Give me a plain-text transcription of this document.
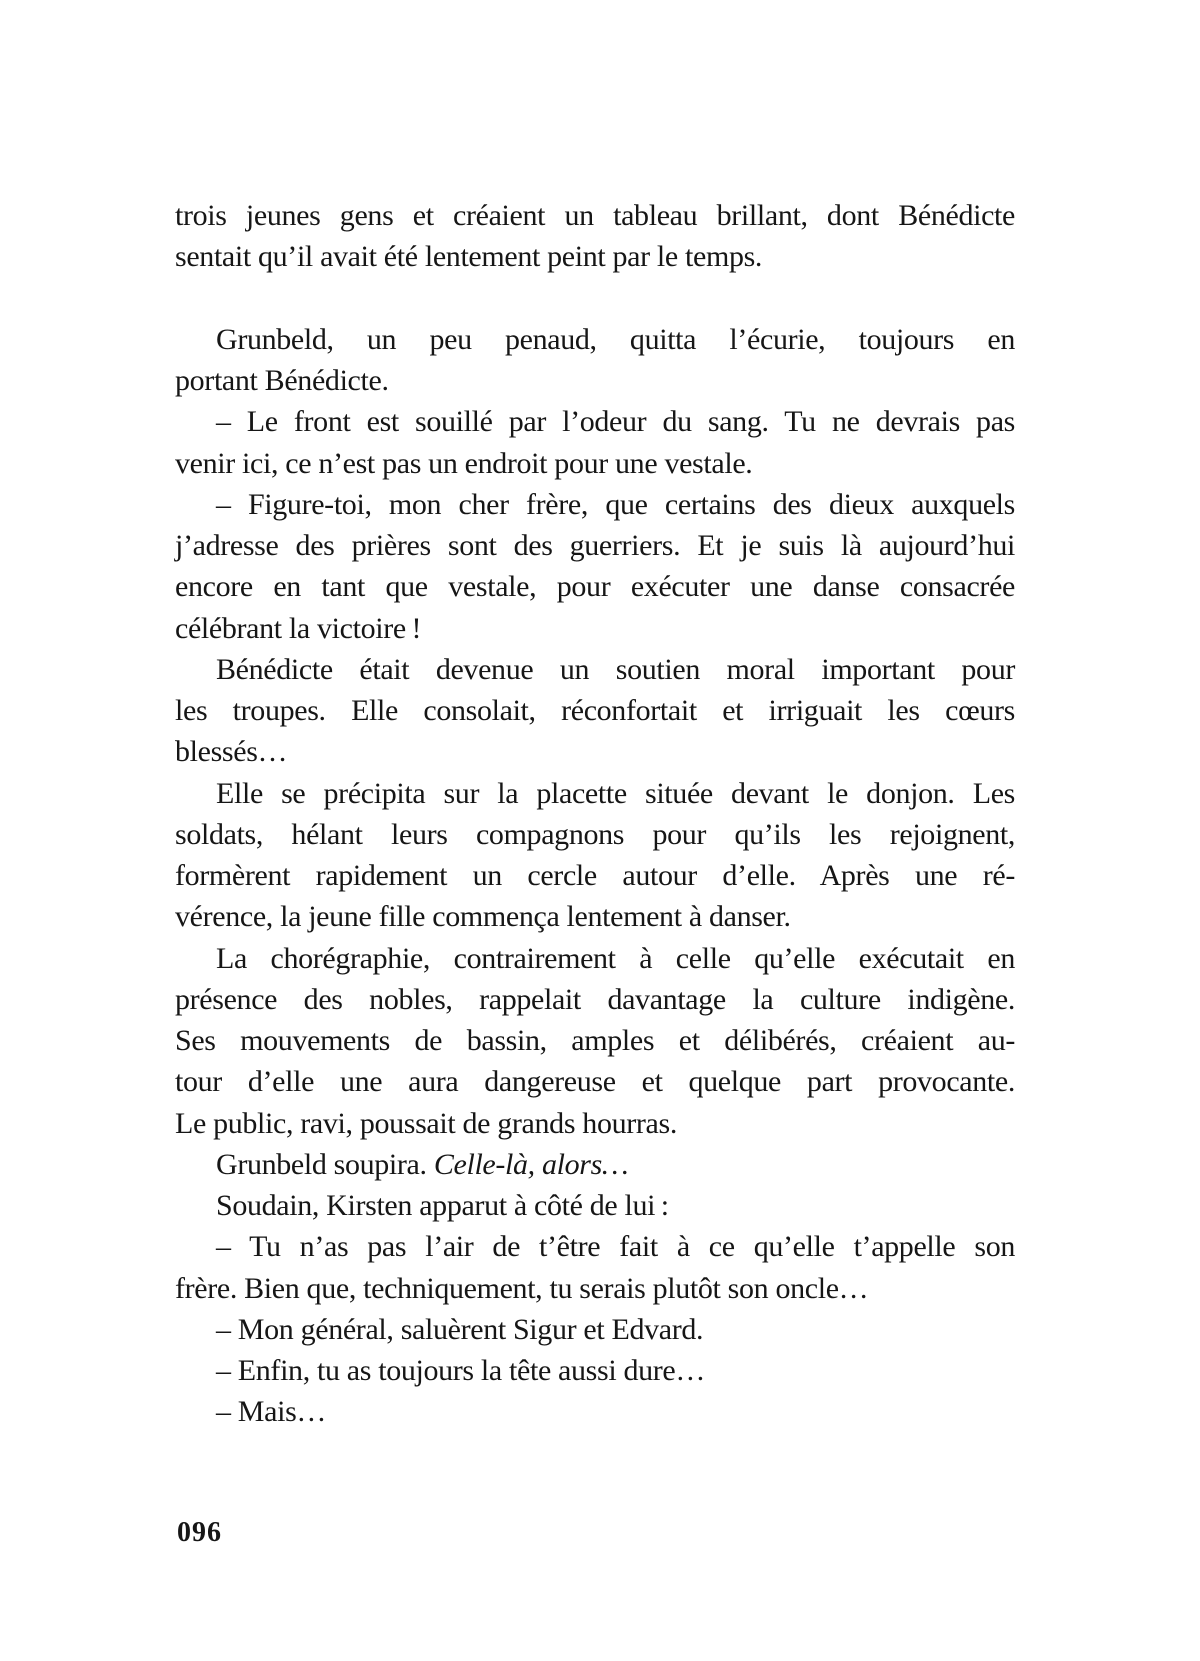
trois jeunes gens et créaient un tableau brillant, dont Bénédicte
sentait qu’il avait été lentement peint par le temps.
Grunbeld, un peu penaud, quitta l’écurie, toujours en
portant Bénédicte.
– Le front est souillé par l’odeur du sang. Tu ne devrais pas
venir ici, ce n’est pas un endroit pour une vestale.
– Figure-toi, mon cher frère, que certains des dieux auxquels
j’adresse des prières sont des guerriers. Et je suis là aujourd’hui
encore en tant que vestale, pour exécuter une danse consacrée
célébrant la victoire !
Bénédicte était devenue un soutien moral important pour
les troupes. Elle consolait, réconfortait et irriguait les cœurs
blessés…
Elle se précipita sur la placette située devant le donjon. Les
soldats, hélant leurs compagnons pour qu’ils les rejoignent,
formèrent rapidement un cercle autour d’elle. Après une ré-
vérence, la jeune fille commença lentement à danser.
La chorégraphie, contrairement à celle qu’elle exécutait en
présence des nobles, rappelait davantage la culture indigène.
Ses mouvements de bassin, amples et délibérés, créaient au-
tour d’elle une aura dangereuse et quelque part provocante.
Le public, ravi, poussait de grands hourras.
Grunbeld soupira. Celle-là, alors…
Soudain, Kirsten apparut à côté de lui :
– Tu n’as pas l’air de t’être fait à ce qu’elle t’appelle son
frère. Bien que, techniquement, tu serais plutôt son oncle…
– Mon général, saluèrent Sigur et Edvard.
– Enfin, tu as toujours la tête aussi dure…
– Mais…
096
